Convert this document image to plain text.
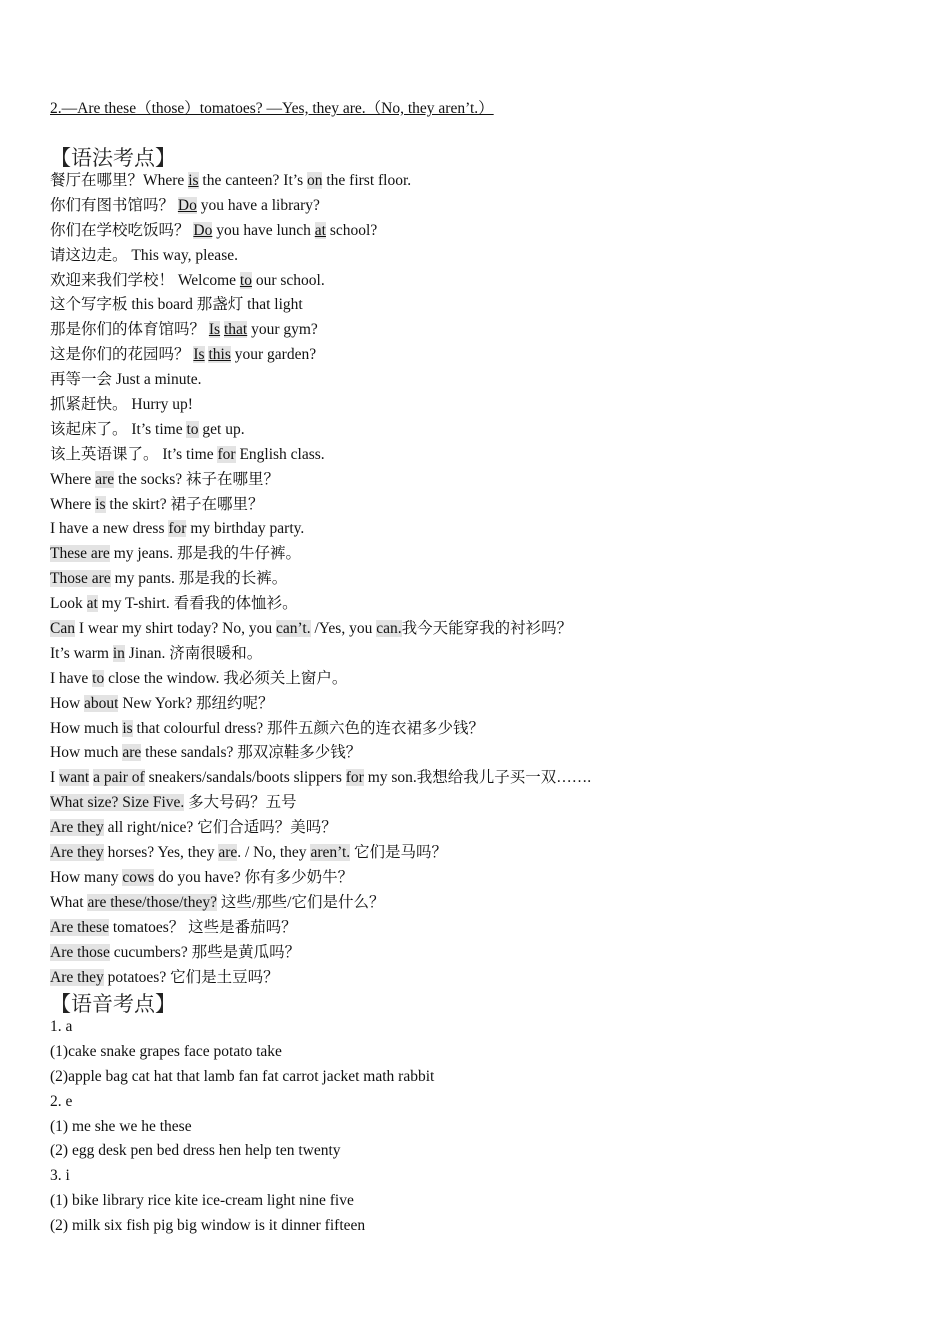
2.—Are these（those）tomatoes? —Yes, they are.（No, they aren’t.）
【语法考点】
餐厅在哪里？Where is the canteen? It’s on the first floor.
你们有图书馆吗？ Do you have a library?
你们在学校吃饭吗？ Do you have lunch at school?
请这边走。 This way, please.
欢迎来我们学校！ Welcome to our school.
这个写字板 this board 那盏灯 that light
那是你们的体育馆吗？ Is that your gym?
这是你们的花园吗？ Is this your garden?
再等一会 Just a minute.
抓紧赶快。 Hurry up!
该起床了。 It’s time to get up.
该上英语课了。 It’s time for English class.
Where are the socks? 袜子在哪里？
Where is the skirt? 裙子在哪里？
I have a new dress for my birthday party.
These are my jeans. 那是我的牛仔裤。
Those are my pants. 那是我的长裤。
Look at my T-shirt. 看看我的体恤衫。
Can I wear my shirt today? No, you can’t. /Yes, you can.我今天能穿我的衬衫吗？
It’s warm in Jinan. 济南很暖和。
I have to close the window. 我必须关上窗户。
How about New York? 那纽约呢？
How much is that colourful dress? 那件五颜六色的连衣裙多少钱？
How much are these sandals? 那双凉鞋多少钱？
I want a pair of sneakers/sandals/boots slippers for my son.我想给我儿子买一双…….
What size? Size Five. 多大号码？五号
Are they all right/nice? 它们合适吗？美吗？
Are they horses? Yes, they are. / No, they aren’t. 它们是马吗？
How many cows do you have? 你有多少奶牛？
What are these/those/they? 这些/那些/它们是什么？
Are these tomatoes？ 这些是番茄吗？
Are those cucumbers? 那些是黄瓜吗？
Are they potatoes? 它们是土豆吗？
【语音考点】
1. a
(1)cake snake grapes face potato take
(2)apple bag cat hat that lamb fan fat carrot jacket math rabbit
2. e
(1) me she we he these
(2) egg desk pen bed dress hen help ten twenty
3. i
(1) bike library rice kite ice-cream light nine five
(2) milk six fish pig big window is it dinner fifteen
